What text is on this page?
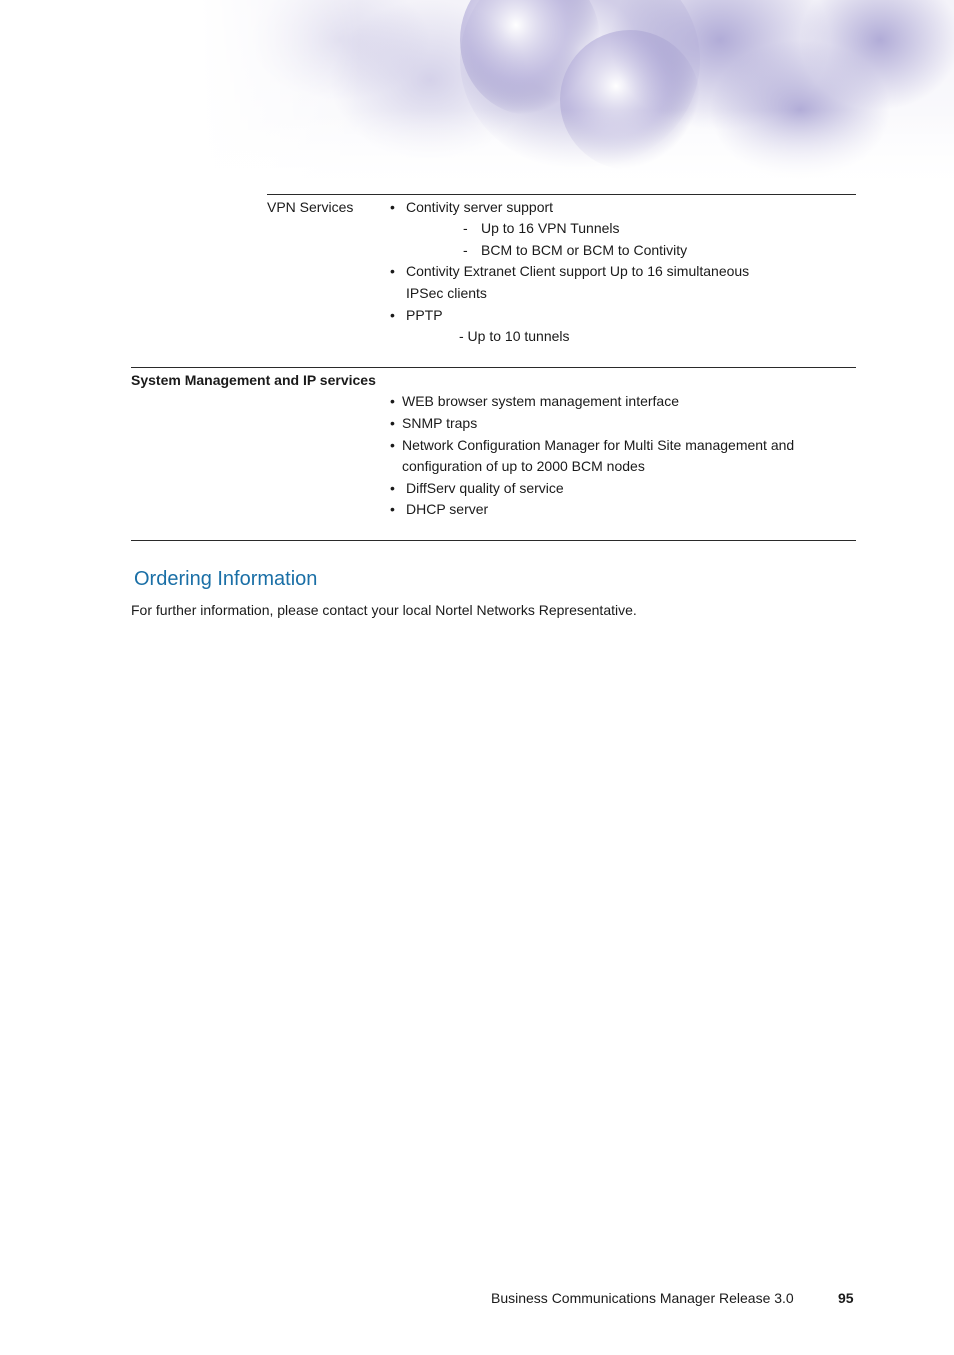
VPN Services	• Contivity server support
- Up to 16 VPN Tunnels
- BCM to BCM or BCM to Contivity
• Contivity Extranet Client support Up to 16 simultaneous
IPSec clients
• PPTP
- Up to 10 tunnels
System Management and IP services
• WEB browser system management interface
• SNMP traps
• Network Configuration Manager for Multi Site management and
configuration of up to 2000 BCM nodes
• DiffServ quality of service
• DHCP server
Ordering Information
For further information, please contact your local Nortel Networks Representative.
Business Communications Manager Release 3.0	95
